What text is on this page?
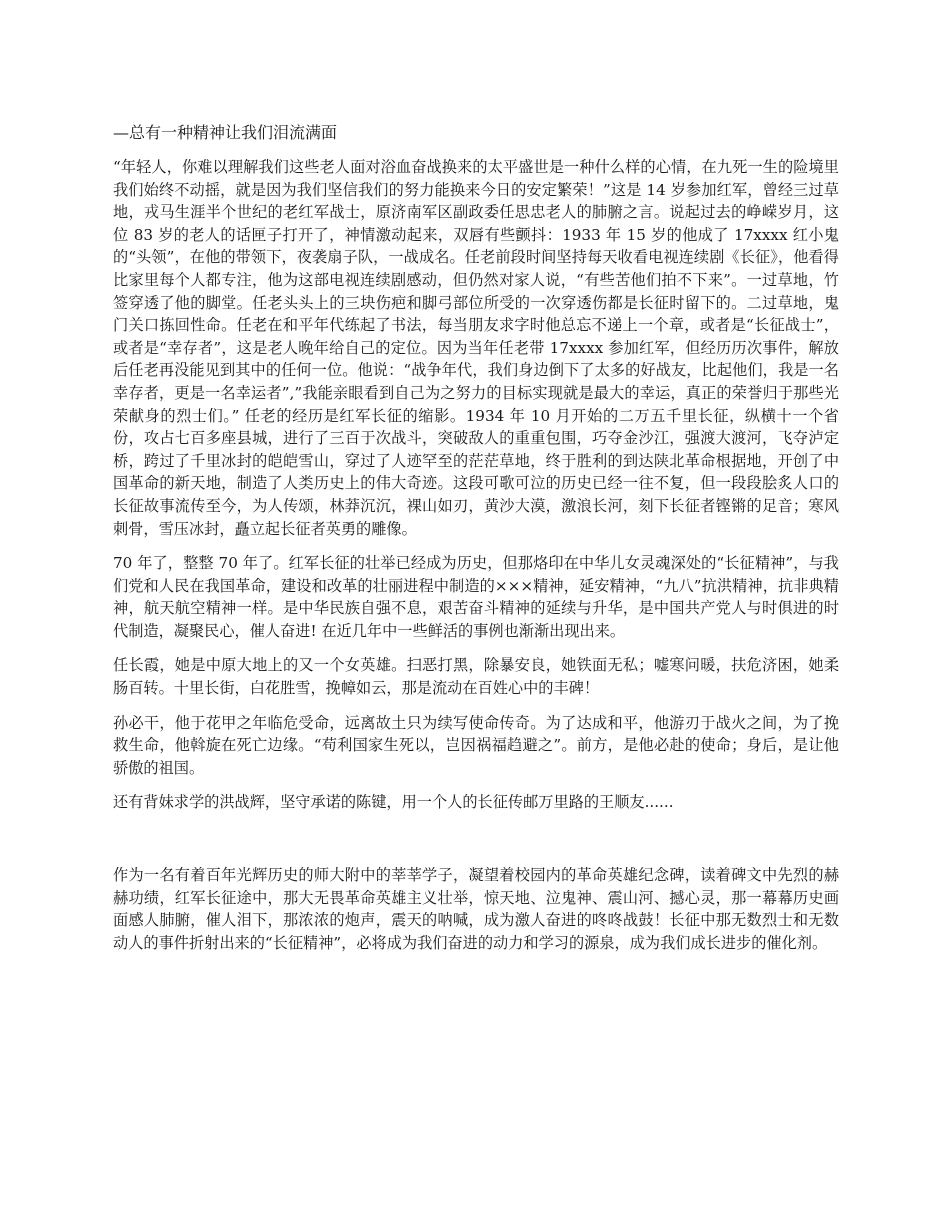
—总有一种精神让我们泪流满面

“年轻人，你难以理解我们这些老人面对浴血奋战换来的太平盛世是一种什么样的心情，在九死一生的险境里我们始终不动摇，就是因为我们坚信我们的努力能换来今日的安定繁荣！”这是 14 岁参加红军，曾经三过草地，戎马生涯半个世纪的老红军战士，原济南军区副政委任思忠老人的肺腑之言。说起过去的峥嵘岁月，这位 83 岁的老人的话匣子打开了，神情激动起来，双唇有些颤抖：1933 年 15 岁的他成了 17xxxx 红小鬼的“头领”，在他的带领下，夜袭扇子队，一战成名。任老前段时间坚持每天收看电视连续剧《长征》，他看得比家里每个人都专注，他为这部电视连续剧感动，但仍然对家人说，“有些苦他们拍不下来”。一过草地，竹签穿透了他的脚堂。任老头头上的三块伤疤和脚弓部位所受的一次穿透伤都是长征时留下的。二过草地，鬼门关口拣回性命。任老在和平年代练起了书法，每当朋友求字时他总忘不递上一个章，或者是“长征战士”，或者是“幸存者”，这是老人晚年给自己的定位。因为当年任老带 17xxxx 参加红军，但经历历次事件，解放后任老再没能见到其中的任何一位。他说：“战争年代，我们身边倒下了太多的好战友，比起他们，我是一名幸存者，更是一名幸运者”,”我能亲眼看到自己为之努力的目标实现就是最大的幸运，真正的荣誉归于那些光荣献身的烈士们。” 任老的经历是红军长征的缩影。1934 年 10 月开始的二万五千里长征，纵横十一个省份，攻占七百多座县城，进行了三百于次战斗，突破敌人的重重包围，巧夺金沙江，强渡大渡河，飞夺泸定桥，跨过了千里冰封的皑皑雪山，穿过了人迹罕至的茫茫草地，终于胜利的到达陕北革命根据地，开创了中国革命的新天地，制造了人类历史上的伟大奇迹。这段可歌可泣的历史已经一往不复，但一段段脍炙人口的长征故事流传至今，为人传颂，林莽沉沉，裸山如刃，黄沙大漠，激浪长河，刻下长征者铿锵的足音；寒风刺骨，雪压冰封，矗立起长征者英勇的雕像。

70 年了，整整 70 年了。红军长征的壮举已经成为历史，但那烙印在中华儿女灵魂深处的“长征精神”，与我们党和人民在我国革命，建设和改革的壮丽进程中制造的×××精神，延安精神，“九八”抗洪精神，抗非典精神，航天航空精神一样。是中华民族自强不息，艰苦奋斗精神的延续与升华，是中国共产党人与时俱进的时代制造，凝聚民心，催人奋进! 在近几年中一些鲜活的事例也渐渐出现出来。

任长霞，她是中原大地上的又一个女英雄。扫恶打黑，除暴安良，她铁面无私；嘘寒问暖，扶危济困，她柔肠百转。十里长街，白花胜雪，挽幛如云，那是流动在百姓心中的丰碑！

孙必干，他于花甲之年临危受命，远离故土只为续写使命传奇。为了达成和平，他游刃于战火之间，为了挽救生命，他斡旋在死亡边缘。“苟利国家生死以，岂因祸福趋避之”。前方，是他必赴的使命；身后，是让他骄傲的祖国。

还有背妹求学的洪战辉，坚守承诺的陈键，用一个人的长征传邮万里路的王顺友......

作为一名有着百年光辉历史的师大附中的莘莘学子，凝望着校园内的革命英雄纪念碑，读着碑文中先烈的赫赫功绩，红军长征途中，那大无畏革命英雄主义壮举，惊天地、泣鬼神、震山河、撼心灵，那一幕幕历史画面感人肺腑，催人泪下，那浓浓的炮声，震天的呐喊，成为激人奋进的咚咚战鼓！长征中那无数烈士和无数动人的事件折射出来的“长征精神”，必将成为我们奋进的动力和学习的源泉，成为我们成长进步的催化剂。
